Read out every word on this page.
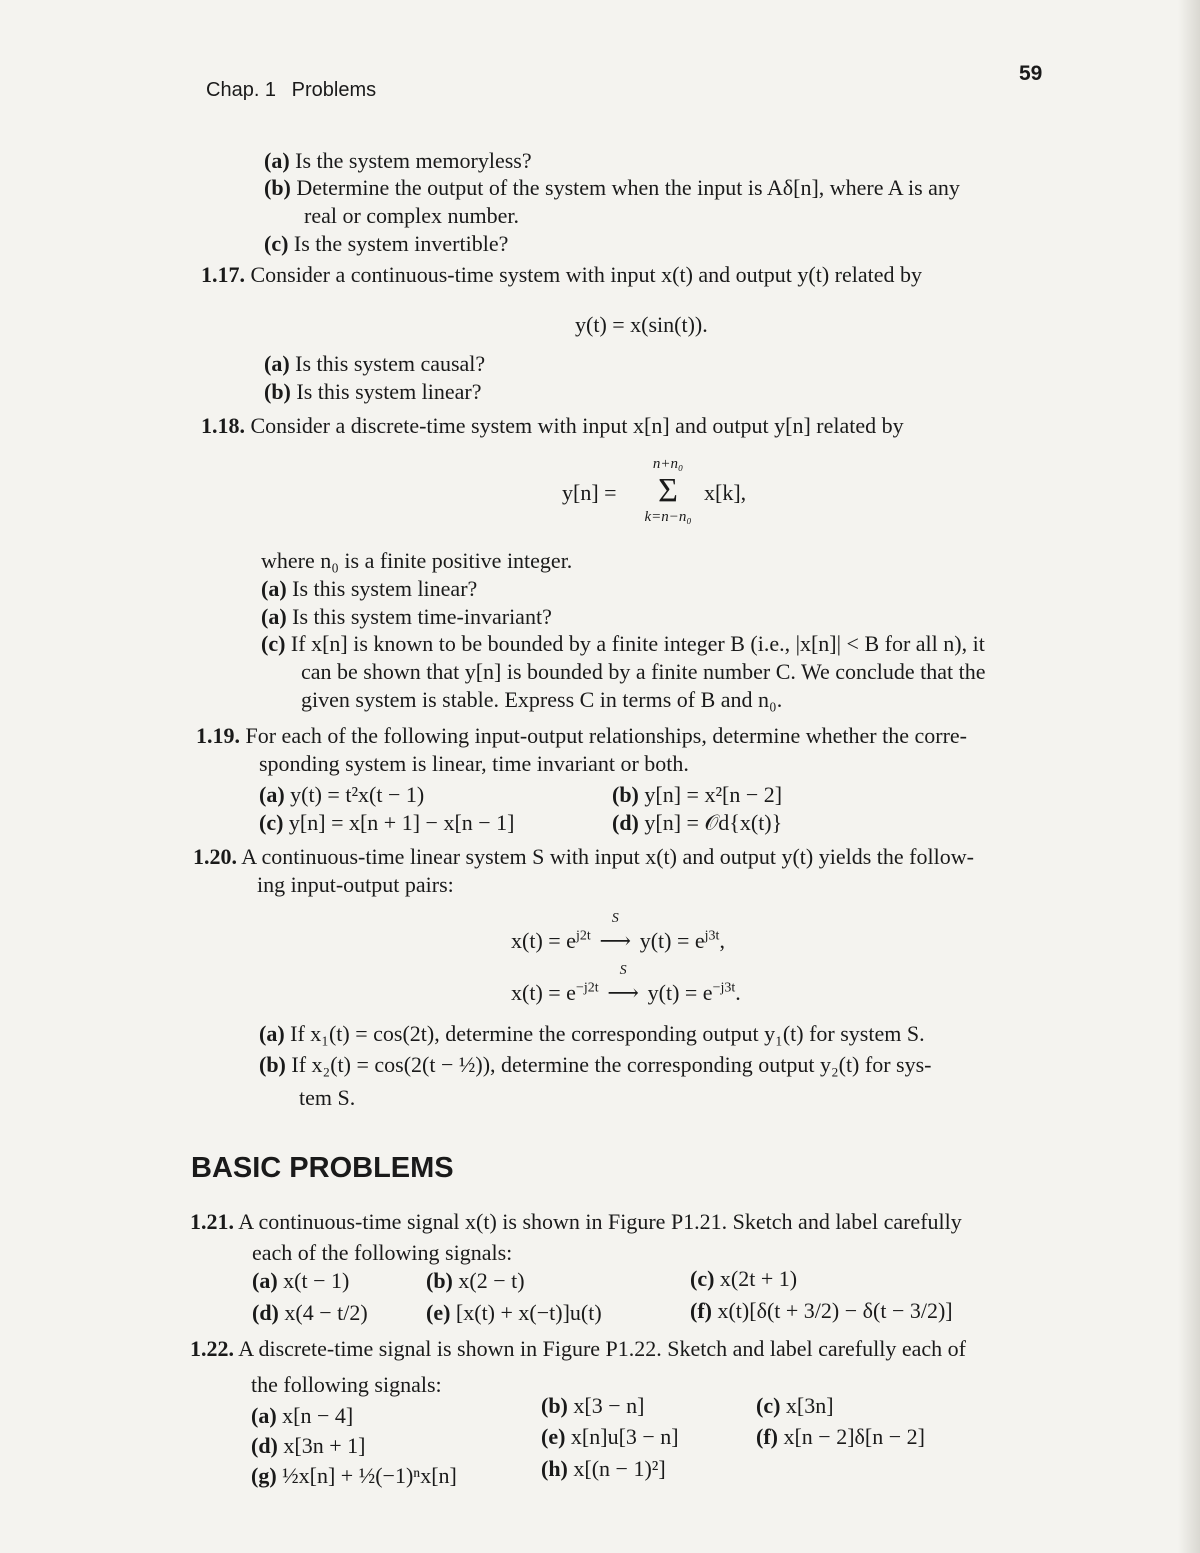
Chap. 1 Problems
59
(a) Is the system memoryless?
(b) Determine the output of the system when the input is Aδ[n], where A is any
real or complex number.
(c) Is the system invertible?
1.17. Consider a continuous-time system with input x(t) and output y(t) related by
y(t) = x(sin(t)).
(a) Is this system causal?
(b) Is this system linear?
1.18. Consider a discrete-time system with input x[n] and output y[n] related by
y[n] =
n+n₀
Σ
k=n−n₀
x[k],
where n₀ is a finite positive integer.
(a) Is this system linear?
(a) Is this system time-invariant?
(c) If x[n] is known to be bounded by a finite integer B (i.e., |x[n]| < B for all n), it
can be shown that y[n] is bounded by a finite number C. We conclude that the
given system is stable. Express C in terms of B and n₀.
1.19. For each of the following input-output relationships, determine whether the corre-
sponding system is linear, time invariant or both.
(a) y(t) = t²x(t − 1)	(b) y[n] = x²[n − 2]
(c) y[n] = x[n + 1] − x[n − 1]	(d) y[n] = 𝒪d{x(t)}
1.20. A continuous-time linear system S with input x(t) and output y(t) yields the follow-
ing input-output pairs:
$x(t) = e^{j2t}$
S
⟶ $y(t) = e^{j3t}$,
$x(t) = e^{-j2t}$
S
⟶ $y(t) = e^{-j3t}$.
(a) If x₁(t) = cos(2t), determine the corresponding output y₁(t) for system S.
(b) If x₂(t) = cos(2(t − ½)), determine the corresponding output y₂(t) for sys-
tem S.
BASIC PROBLEMS
1.21. A continuous-time signal x(t) is shown in Figure P1.21. Sketch and label carefully
each of the following signals:
(a) x(t − 1)	(b) x(2 − t)	(c) x(2t + 1)
(d) x(4 − t/2)	(e) [x(t) + x(−t)]u(t)	(f) x(t)[δ(t + 3/2) − δ(t − 3/2)]
1.22. A discrete-time signal is shown in Figure P1.22. Sketch and label carefully each of
the following signals:
(a) x[n − 4]	(b) x[3 − n]	(c) x[3n]
(d) x[3n + 1]	(e) x[n]u[3 − n]	(f) x[n − 2]δ[n − 2]
(g) ½x[n] + ½(−1)ⁿx[n]	(h) x[(n − 1)²]
